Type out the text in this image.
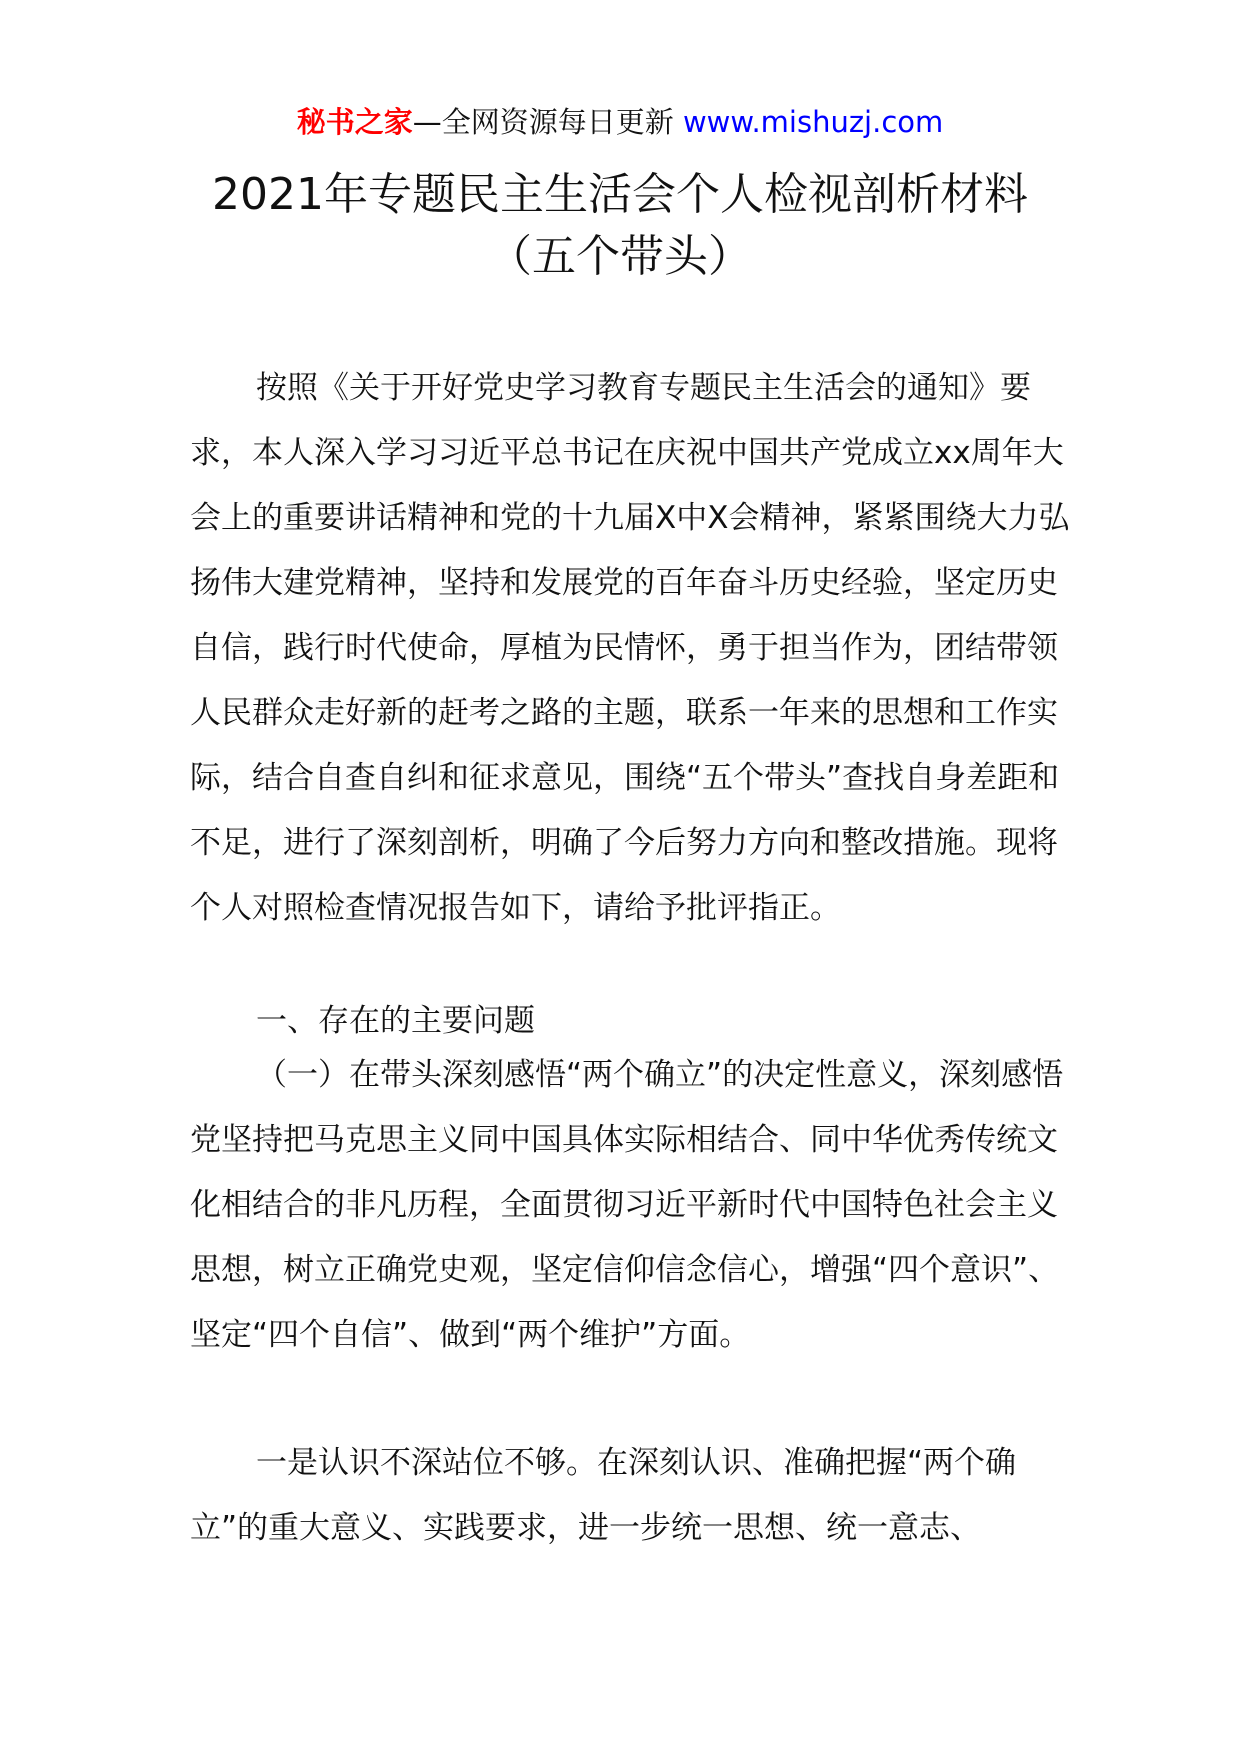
秘书之家—全网资源每日更新 www.mishuzj.com
2021年专题民主生活会个人检视剖析材料
（五个带头）

按照《关于开好党史学习教育专题民主生活会的通知》要求，本人深入学习习近平总书记在庆祝中国共产党成立xx周年大会上的重要讲话精神和党的十九届X中X会精神，紧紧围绕大力弘扬伟大建党精神，坚持和发展党的百年奋斗历史经验，坚定历史自信，践行时代使命，厚植为民情怀，勇于担当作为，团结带领人民群众走好新的赶考之路的主题，联系一年来的思想和工作实际，结合自查自纠和征求意见，围绕“五个带头”查找自身差距和不足，进行了深刻剖析，明确了今后努力方向和整改措施。现将个人对照检查情况报告如下，请给予批评指正。

一、存在的主要问题

（一）在带头深刻感悟“两个确立”的决定性意义，深刻感悟党坚持把马克思主义同中国具体实际相结合、同中华优秀传统文化相结合的非凡历程，全面贯彻习近平新时代中国特色社会主义思想，树立正确党史观，坚定信仰信念信心，增强“四个意识”、坚定“四个自信”、做到“两个维护”方面。

一是认识不深站位不够。在深刻认识、准确把握“两个确立”的重大意义、实践要求，进一步统一思想、统一意志、
